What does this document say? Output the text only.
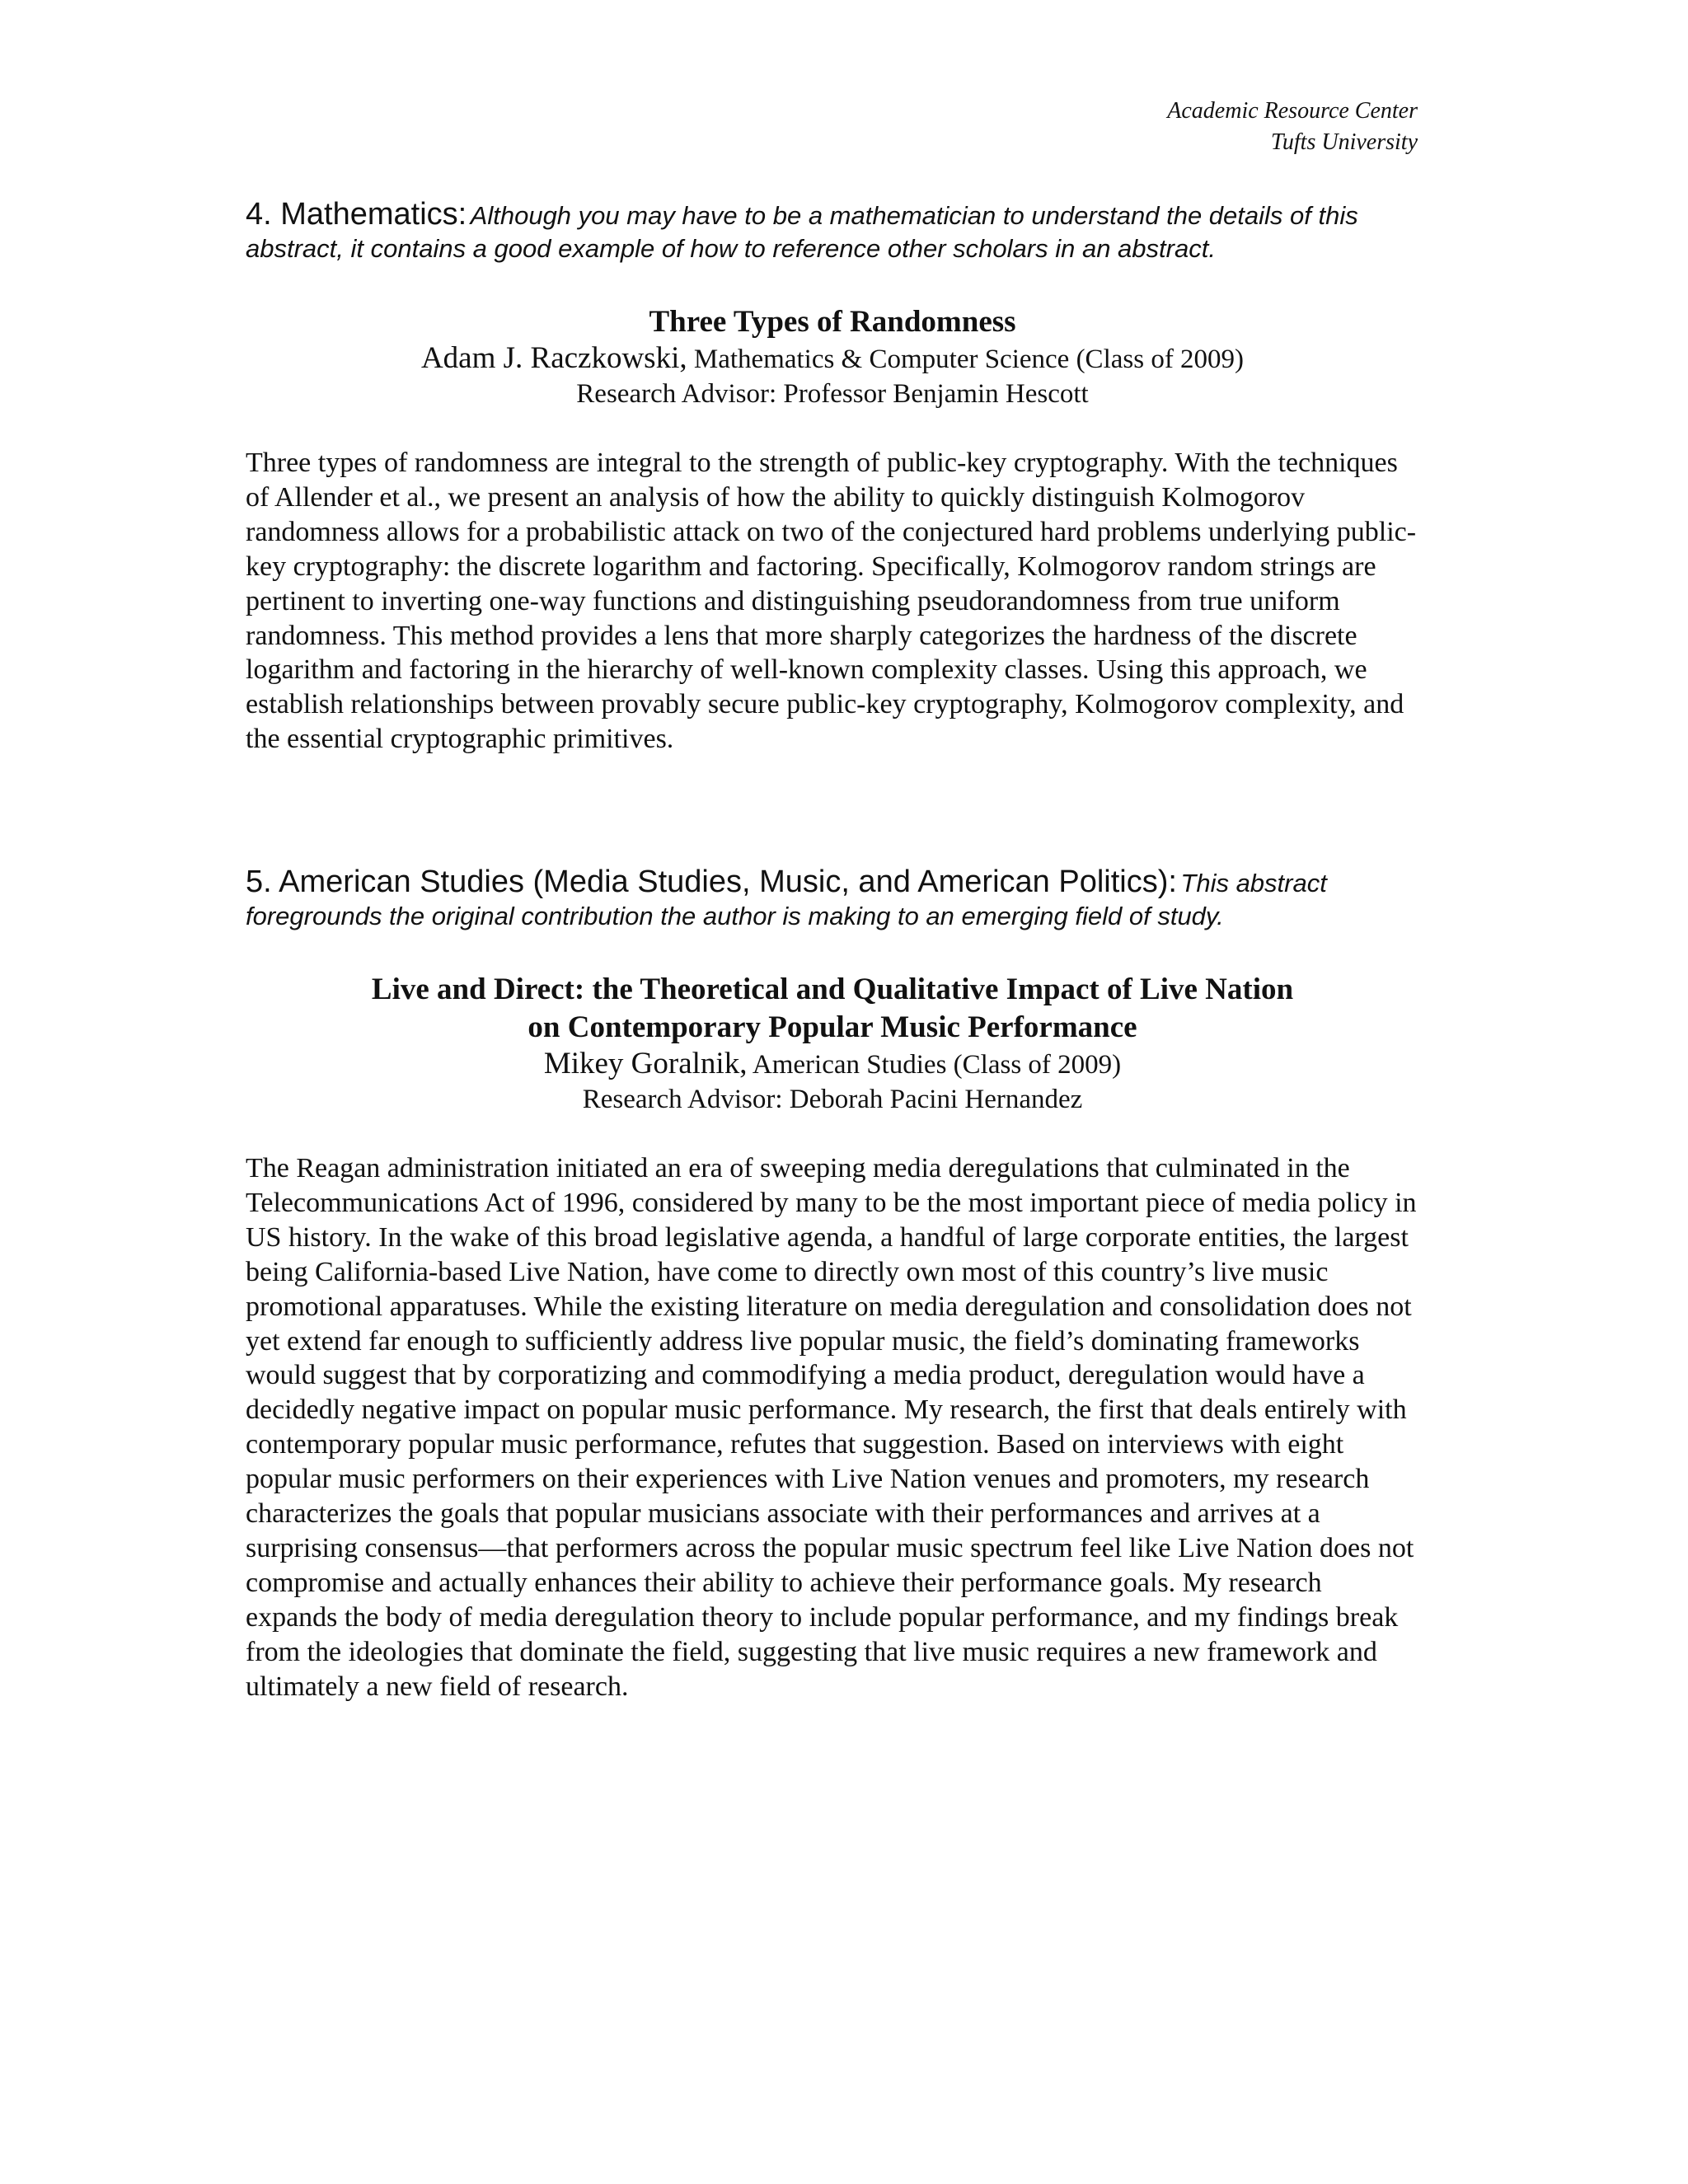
Academic Resource Center
Tufts University

4. Mathematics: Although you may have to be a mathematician to understand the details of this abstract, it contains a good example of how to reference other scholars in an abstract.

Three Types of Randomness

Adam J. Raczkowski, Mathematics & Computer Science (Class of 2009)
Research Advisor: Professor Benjamin Hescott

Three types of randomness are integral to the strength of public-key cryptography. With the techniques of Allender et al., we present an analysis of how the ability to quickly distinguish Kolmogorov randomness allows for a probabilistic attack on two of the conjectured hard problems underlying public-key cryptography: the discrete logarithm and factoring. Specifically, Kolmogorov random strings are pertinent to inverting one-way functions and distinguishing pseudorandomness from true uniform randomness. This method provides a lens that more sharply categorizes the hardness of the discrete logarithm and factoring in the hierarchy of well-known complexity classes. Using this approach, we establish relationships between provably secure public-key cryptography, Kolmogorov complexity, and the essential cryptographic primitives.

5. American Studies (Media Studies, Music, and American Politics): This abstract foregrounds the original contribution the author is making to an emerging field of study.

Live and Direct: the Theoretical and Qualitative Impact of Live Nation
on Contemporary Popular Music Performance

Mikey Goralnik, American Studies (Class of 2009)
Research Advisor: Deborah Pacini Hernandez

The Reagan administration initiated an era of sweeping media deregulations that culminated in the Telecommunications Act of 1996, considered by many to be the most important piece of media policy in US history. In the wake of this broad legislative agenda, a handful of large corporate entities, the largest being California-based Live Nation, have come to directly own most of this country’s live music promotional apparatuses. While the existing literature on media deregulation and consolidation does not yet extend far enough to sufficiently address live popular music, the field’s dominating frameworks would suggest that by corporatizing and commodifying a media product, deregulation would have a decidedly negative impact on popular music performance. My research, the first that deals entirely with contemporary popular music performance, refutes that suggestion. Based on interviews with eight popular music performers on their experiences with Live Nation venues and promoters, my research characterizes the goals that popular musicians associate with their performances and arrives at a surprising consensus—that performers across the popular music spectrum feel like Live Nation does not compromise and actually enhances their ability to achieve their performance goals. My research expands the body of media deregulation theory to include popular performance, and my findings break from the ideologies that dominate the field, suggesting that live music requires a new framework and ultimately a new field of research.
